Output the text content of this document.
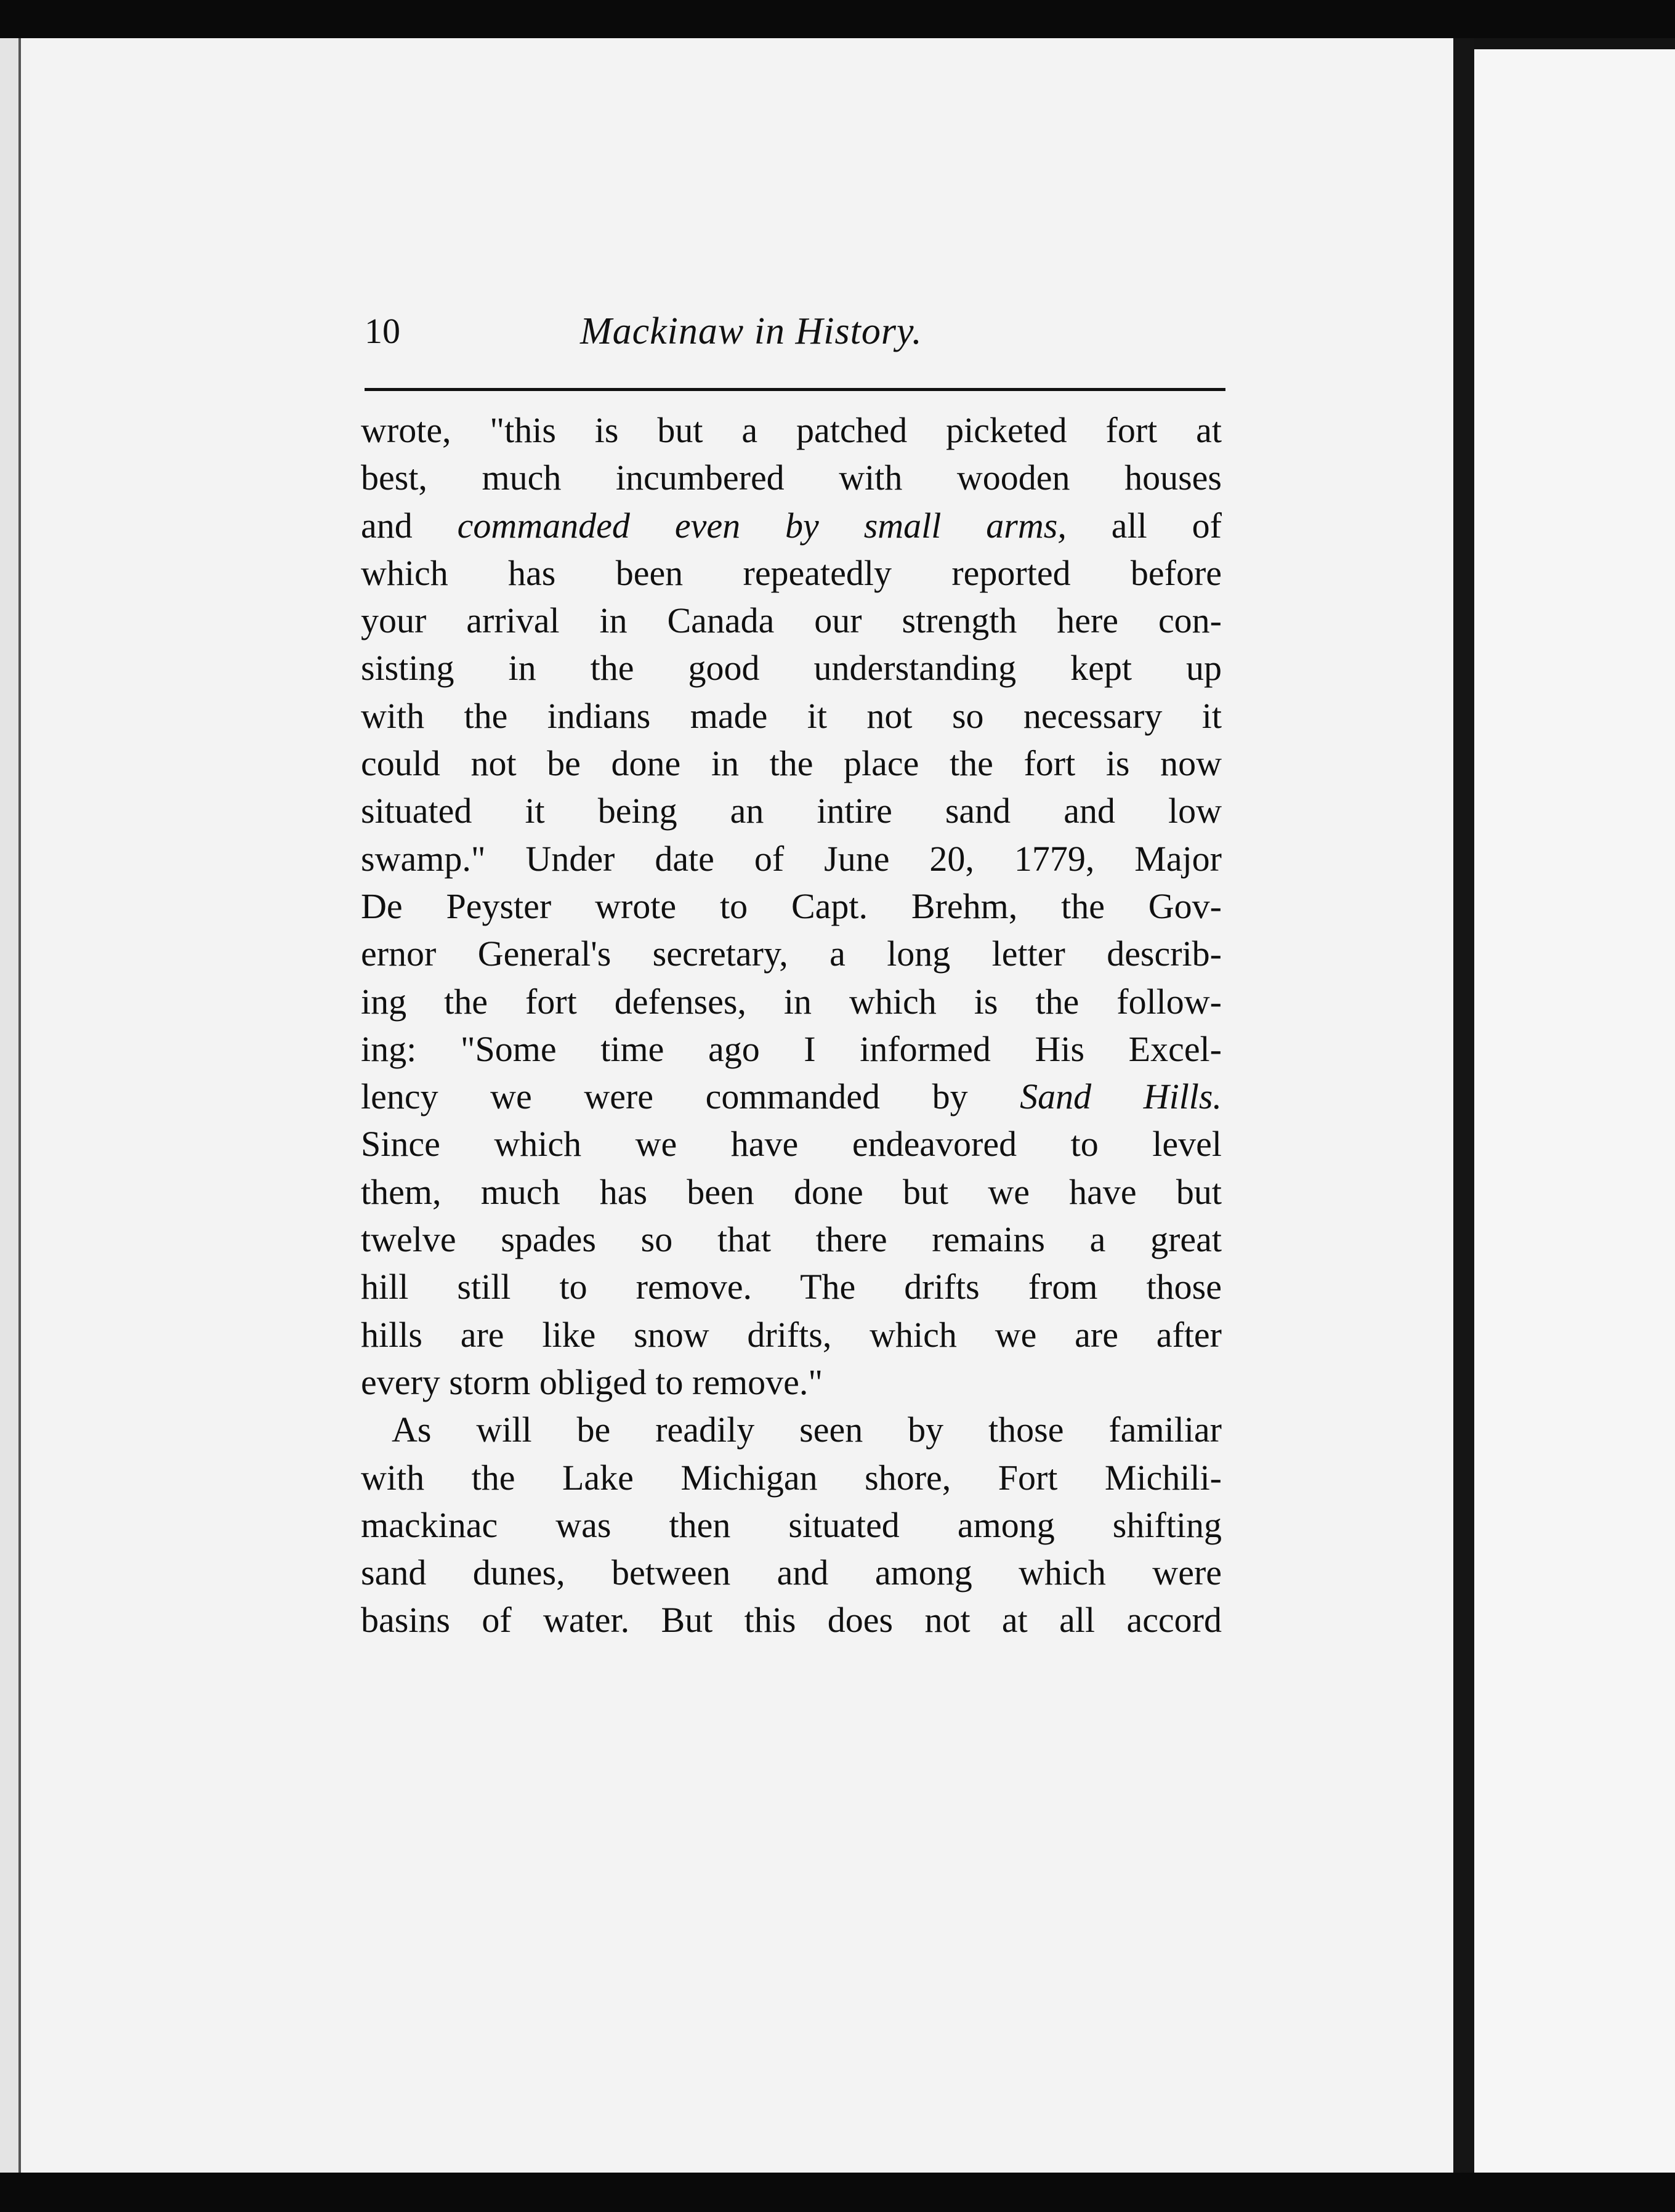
10	Mackinaw in History.
wrote, "this is but a patched picketed fort at
best, much incumbered with wooden houses
and commanded even by small arms, all of
which has been repeatedly reported before
your arrival in Canada our strength here con-
sisting in the good understanding kept up
with the indians made it not so necessary it
could not be done in the place the fort is now
situated it being an intire sand and low
swamp." Under date of June 20, 1779, Major
De Peyster wrote to Capt. Brehm, the Gov-
ernor General's secretary, a long letter describ-
ing the fort defenses, in which is the follow-
ing: "Some time ago I informed His Excel-
lency we were commanded by Sand Hills.
Since which we have endeavored to level
them, much has been done but we have but
twelve spades so that there remains a great
hill still to remove. The drifts from those
hills are like snow drifts, which we are after
every storm obliged to remove."
As will be readily seen by those familiar
with the Lake Michigan shore, Fort Michili-
mackinac was then situated among shifting
sand dunes, between and among which were
basins of water. But this does not at all accord
